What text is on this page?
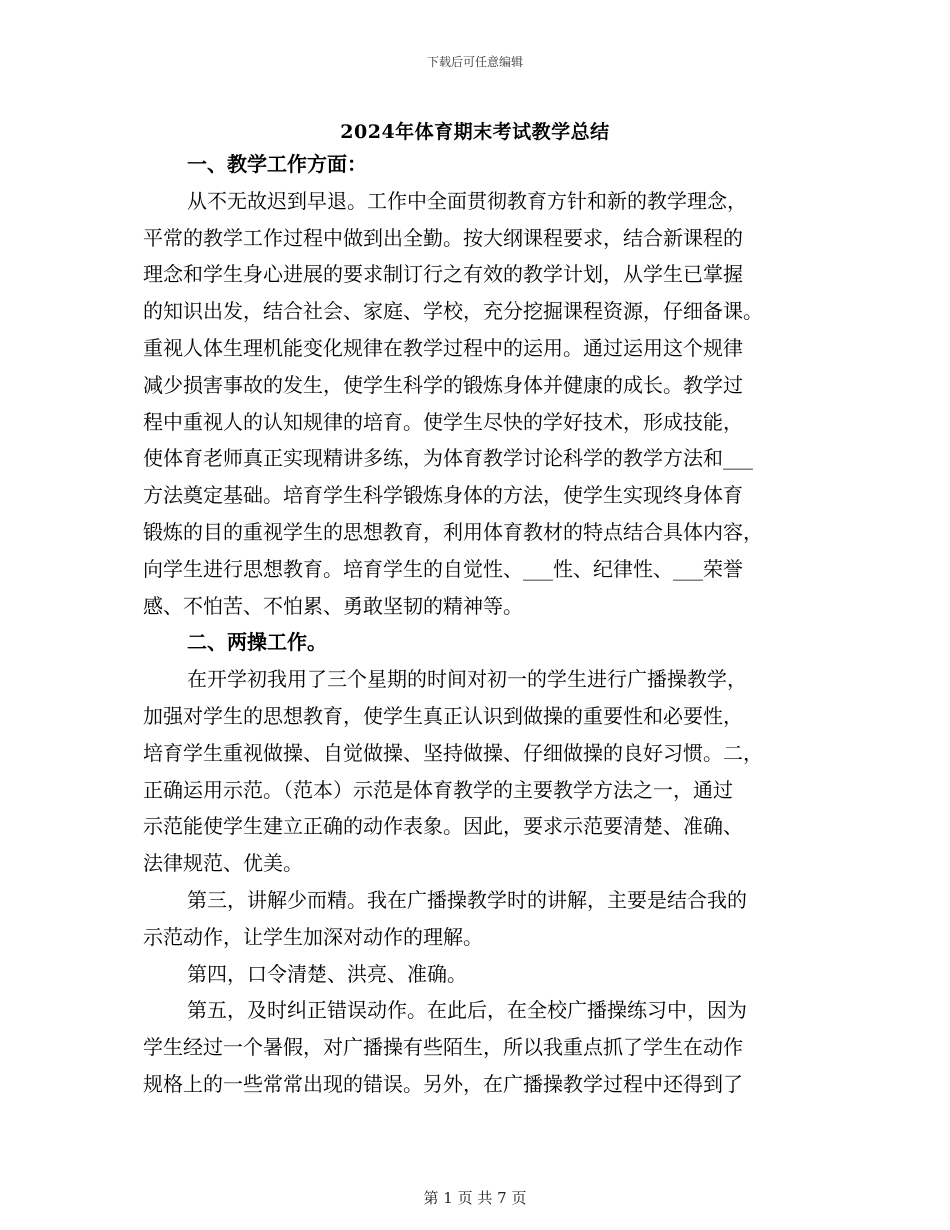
下载后可任意编辑
2024年体育期末考试教学总结
一、教学工作方面：
从不无故迟到早退。工作中全面贯彻教育方针和新的教学理念，
平常的教学工作过程中做到出全勤。按大纲课程要求，结合新课程的
理念和学生身心进展的要求制订行之有效的教学计划，从学生已掌握
的知识出发，结合社会、家庭、学校，充分挖掘课程资源，仔细备课。
重视人体生理机能变化规律在教学过程中的运用。通过运用这个规律
减少损害事故的发生，使学生科学的锻炼身体并健康的成长。教学过
程中重视人的认知规律的培育。使学生尽快的学好技术，形成技能，
使体育老师真正实现精讲多练，为体育教学讨论科学的教学方法和___
方法奠定基础。培育学生科学锻炼身体的方法，使学生实现终身体育
锻炼的目的重视学生的思想教育，利用体育教材的特点结合具体内容，
向学生进行思想教育。培育学生的自觉性、___性、纪律性、___荣誉
感、不怕苦、不怕累、勇敢坚韧的精神等。
二、两操工作。
在开学初我用了三个星期的时间对初一的学生进行广播操教学，
加强对学生的思想教育，使学生真正认识到做操的重要性和必要性，
培育学生重视做操、自觉做操、坚持做操、仔细做操的良好习惯。二，
正确运用示范。（范本）示范是体育教学的主要教学方法之一，通过
示范能使学生建立正确的动作表象。因此，要求示范要清楚、准确、
法律规范、优美。
第三，讲解少而精。我在广播操教学时的讲解，主要是结合我的
示范动作，让学生加深对动作的理解。
第四，口令清楚、洪亮、准确。
第五，及时纠正错误动作。在此后，在全校广播操练习中，因为
学生经过一个暑假，对广播操有些陌生，所以我重点抓了学生在动作
规格上的一些常常出现的错误。另外，在广播操教学过程中还得到了
第 1 页 共 7 页
